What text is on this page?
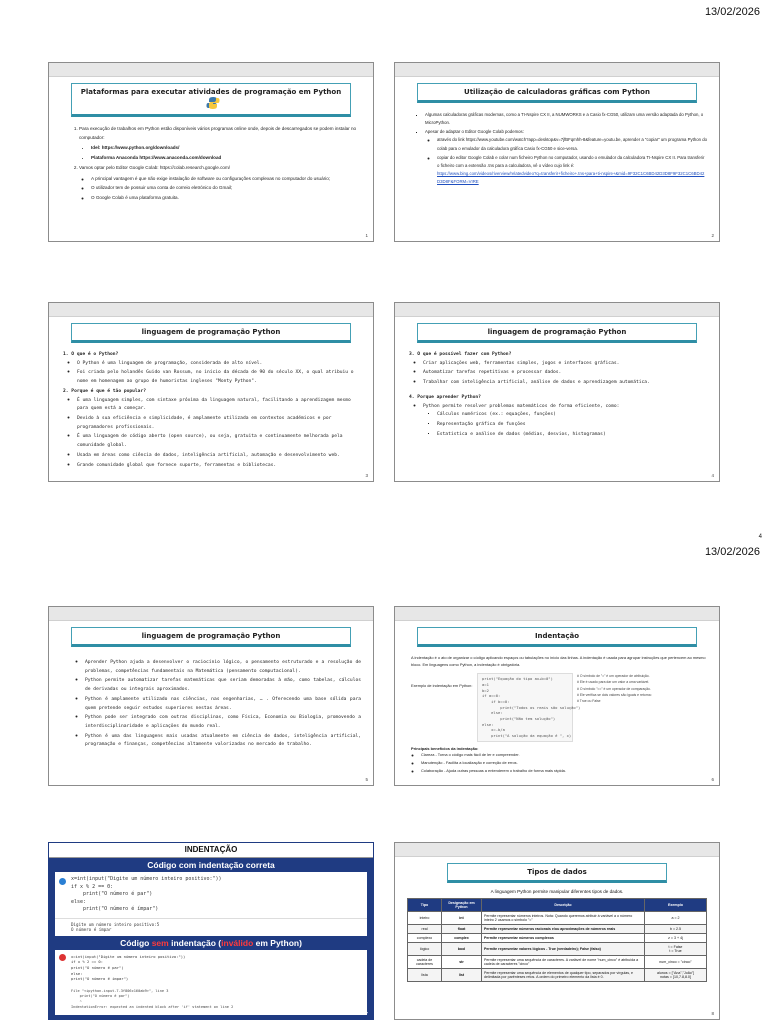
13/02/2026
13/02/2026
4
Plataformas para executar atividades de programação em Python
1. Para execução de trabalhos em Python estão disponíveis vários programas online onde, depois de descarregados se podem instalar no computador:
• Idel: https://www.python.org/downloads/
• Plataforma Anaconda https://www.anaconda.com/download
2. Vamos optar pelo Editor Google Colab: https://colab.research.google.com/
◦ A principal vantagem é que não exige instalação de software ou configurações complexas no computador do usuário;
◦ O utilizador tem de possuir uma conta de correio eletrónico do Gmail;
◦ O Google Colab é uma plataforma gratuita.
1
Utilização de calculadoras gráficas com Python
▪ Algumas calculadoras gráficas modernas, como a TI-Nspire CX II, a NUMWORKS e a Casio fx-CG50, utilizam uma versão adaptada do Python, o MicroPython.
▪ Apesar de adaptar o Editor Google Colab podemos:
◦ através do link https://www.youtube.com/watch?app=desktop&v=7jfBFqmhh-8&feature=youtu.be, aprender a "copiar" um programa Python do colab para o emulador da calculadora gráfica Casio fx-CG50 e sice-versa.
◦ copiar do editor Google Colab e colar num ficheiro Python no computador, usando o emulador da calculadora TI-Nspire CX II. Para transferir o ficheiro com a extensão .tns para a calculadora, vê o vídeo cujo link é:
https://www.bing.com/videos/riverview/relatedvideo?q=transferir+ficheiro+.tns+para+ti-nspire+&mid=9F32C1C6BD42D3D8F9F32C1C6BD42D3D8F&FORM=VIRE
2
linguagem de programação Python
1. O que é o Python?
◦ O Python é uma linguagem de programação, considerada de alto nível.
◦ Foi criada pelo holandês Guido van Rossum, no início da década de 90 do século XX, o qual atribuiu o nome em homenagem ao grupo de humoristas ingleses "Monty Python".
2. Porque é que é tão popular?
◦ É uma linguagem simples, com sintaxe próxima da linguagem natural, facilitando a aprendizagem mesmo para quem está a começar.
◦ Devido à sua eficiência e simplicidade, é amplamente utilizada em contextos académicos e por programadores profissionais.
◦ É uma linguagem de código aberto (open source), ou seja, gratuita e continuamente melhorada pela comunidade global.
◦ Usada em áreas como ciência de dados, inteligência artificial, automação e desenvolvimento web.
◦ Grande comunidade global que fornece suporte, ferramentas e bibliotecas.
3
linguagem de programação Python
3. O que é possível fazer com Python?
◦ Criar aplicações web, ferramentas simples, jogos e interfaces gráficas.
◦ Automatizar tarefas repetitivas e processar dados.
◦ Trabalhar com inteligência artificial, análise de dados e aprendizagem automática.
4. Porque aprender Python?
◦ Python permite resolver problemas matemáticos de forma eficiente, como:
▪ Cálculos numéricos (ex.: equações, funções)
▪ Representação gráfica de funções
▪ Estatística e análise de dados (médias, desvios, histogramas)
4
linguagem de programação Python
◦ Aprender Python ajuda a desenvolver o raciocínio lógico, o pensamento estruturado e a resolução de problemas, competências fundamentais na Matemática (pensamento computacional).
◦ Python permite automatizar tarefas matemáticas que seriam demoradas à mão, como tabelas, cálculos de derivadas ou integrais aproximados.
◦ Python é amplamente utilizado nas ciências, nas engenharias, … . Oferecendo uma base sólida para quem pretende seguir estudos superiores nestas áreas.
◦ Python pode ser integrado com outras disciplinas, como Física, Economia ou Biologia, promovendo a interdisciplinaridade e aplicações do mundo real.
◦ Python é uma das linguagens mais usadas atualmente em ciência de dados, inteligência artificial, programação e finanças, competências altamente valorizadas no mercado de trabalho.
5
Indentação
A indentação é o ato de organizar o código aplicando espaços ou tabulações no início das linhas. A indentação é usada para agrupar instruções que pertencem ao mesmo bloco. Em linguagens como Python, a indentação é obrigatória.
Exemplo de indentação em Python:
print("Equação do tipo ax+b=0")
a=1
b=2
if a==0:
if b==0:
print("Todos os reais são solução")
else:
print("Não tem solução")
else:
x=-b/a
print("A solução da equação é ", x)
# O símbolo de "=" é um operador de atribuição.
# Ele é usado para dar um valor a uma variável.
# O símbolo "==" é um operador de comparação.
# Ele verifica se dois valores são iguais e retorna:
# True ou False
Principais benefícios da indentação:
◦ Clareza - Torna o código mais fácil de ler e compreender.
◦ Manutenção - Facilita a localização e correção de erros.
◦ Colaboração - Ajuda outras pessoas a entenderem o trabalho de forma mais rápida.
6
INDENTAÇÃO
Código com indentação correta
x=int(input("Digite um número inteiro positivo:"))
if x % 2 == 0:
print("O número é par")
else:
print("O número é ímpar")
Digite um número inteiro positivo:5
O número é ímpar
Código sem indentação (inválido em Python)
x=int(input("Digite um número inteiro positivo:"))
if x % 2 == 0:
print("O número é par")
else:
print("O número é ímpar")
File "<ipython-input-7-3f806c160ab9>", line 3
print("O número é par")
^
IndentationError: expected an indented block after 'if' statement on line 2
7
Tipos de dados
A linguagem Python permite manipular diferentes tipos de dados.
Tipo	Designação em Python	Descrição	Exemplo
inteiro	int	Permite representar números inteiros. Nota: Quando queremos atribuir à variável a o número inteiro 2 usamos o símbolo "="	a = 2
real	float	Permite representar números racionais e/ou aproximações de números reais	b = 2.5
complexo	complex	Permite representar números complexos	z = 3 + 4j
lógico	bool	Permite representar valores lógicos - True (verdadeiro); False (falso)	t = False
t = True
cadeia de caracteres	str	Permite representar uma sequência de caracteres. A variável de nome "num_cinco" é atribuída a cadeia de caracteres "cinco"	num_cinco = "cinco"
lista	list	Permite representar uma sequência de elementos de qualquer tipo, separados por vírgulas, e delimitada por parênteses retos. A ordem do primeiro elemento da lista é 0.	alunos = ["Ana","João"]
notas = [10,7.8,8.0]
8
